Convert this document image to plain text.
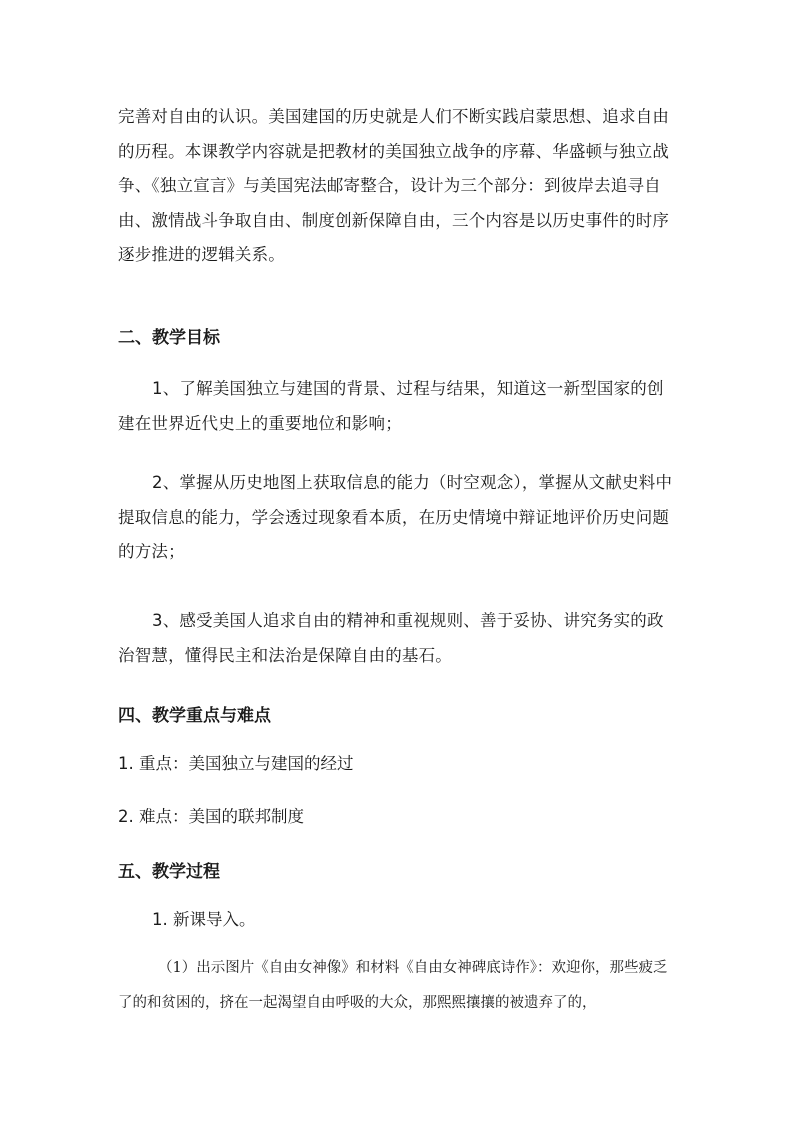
完善对自由的认识。美国建国的历史就是人们不断实践启蒙思想、追求自由的历程。本课教学内容就是把教材的美国独立战争的序幕、华盛顿与独立战争、《独立宣言》与美国宪法邮寄整合，设计为三个部分：到彼岸去追寻自由、激情战斗争取自由、制度创新保障自由，三个内容是以历史事件的时序逐步推进的逻辑关系。

二、教学目标

1、了解美国独立与建国的背景、过程与结果，知道这一新型国家的创建在世界近代史上的重要地位和影响；

2、掌握从历史地图上获取信息的能力（时空观念），掌握从文献史料中提取信息的能力，学会透过现象看本质，在历史情境中辩证地评价历史问题的方法；

3、感受美国人追求自由的精神和重视规则、善于妥协、讲究务实的政治智慧，懂得民主和法治是保障自由的基石。

四、教学重点与难点

1. 重点：美国独立与建国的经过

2. 难点：美国的联邦制度

五、教学过程

1. 新课导入。

（1）出示图片《自由女神像》和材料《自由女神碑底诗作》：欢迎你，那些疲乏了的和贫困的，挤在一起渴望自由呼吸的大众，那熙熙攘攘的被遗弃了的，
